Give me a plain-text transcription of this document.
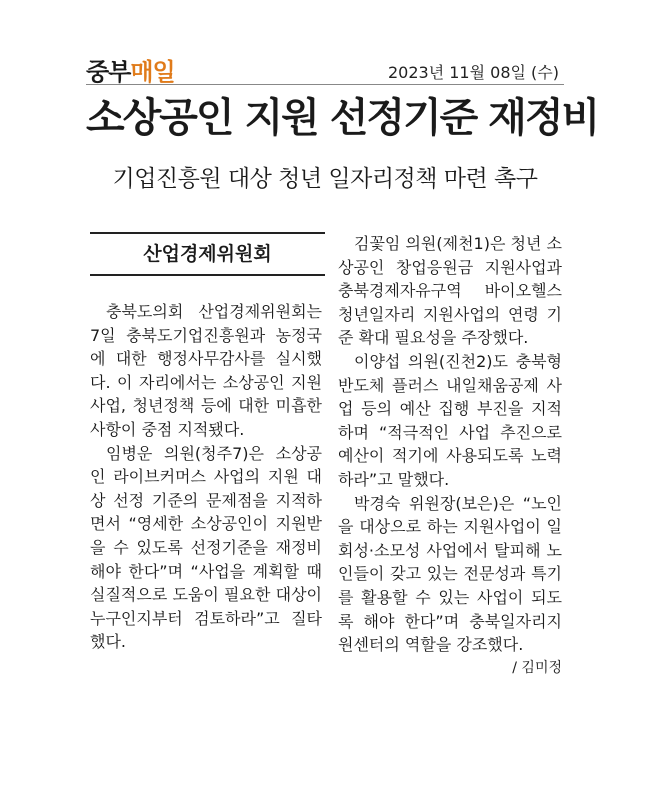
중부매일	2023년 11월 08일 (수)
소상공인 지원 선정기준 재정비
기업진흥원 대상 청년 일자리정책 마련 촉구
산업경제위원회

충북도의회 산업경제위원회는 7일 충북도기업진흥원과 농정국에 대한 행정사무감사를 실시했다. 이 자리에서는 소상공인 지원사업, 청년정책 등에 대한 미흡한 사항이 중점 지적됐다.

임병운 의원(청주7)은 소상공인 라이브커머스 사업의 지원 대상 선정 기준의 문제점을 지적하면서 “영세한 소상공인이 지원받을 수 있도록 선정기준을 재정비해야 한다”며 “사업을 계획할 때 실질적으로 도움이 필요한 대상이 누구인지부터 검토하라”고 질타했다.

김꽃임 의원(제천1)은 청년 소상공인 창업응원금 지원사업과 충북경제자유구역 바이오헬스 청년일자리 지원사업의 연령 기준 확대 필요성을 주장했다.

이양섭 의원(진천2)도 충북형 반도체 플러스 내일채움공제 사업 등의 예산 집행 부진을 지적하며 “적극적인 사업 추진으로 예산이 적기에 사용되도록 노력하라”고 말했다.

박경숙 위원장(보은)은 “노인을 대상으로 하는 지원사업이 일회성·소모성 사업에서 탈피해 노인들이 갖고 있는 전문성과 특기를 활용할 수 있는 사업이 되도록 해야 한다”며 충북일자리지원센터의 역할을 강조했다.

/ 김미정
